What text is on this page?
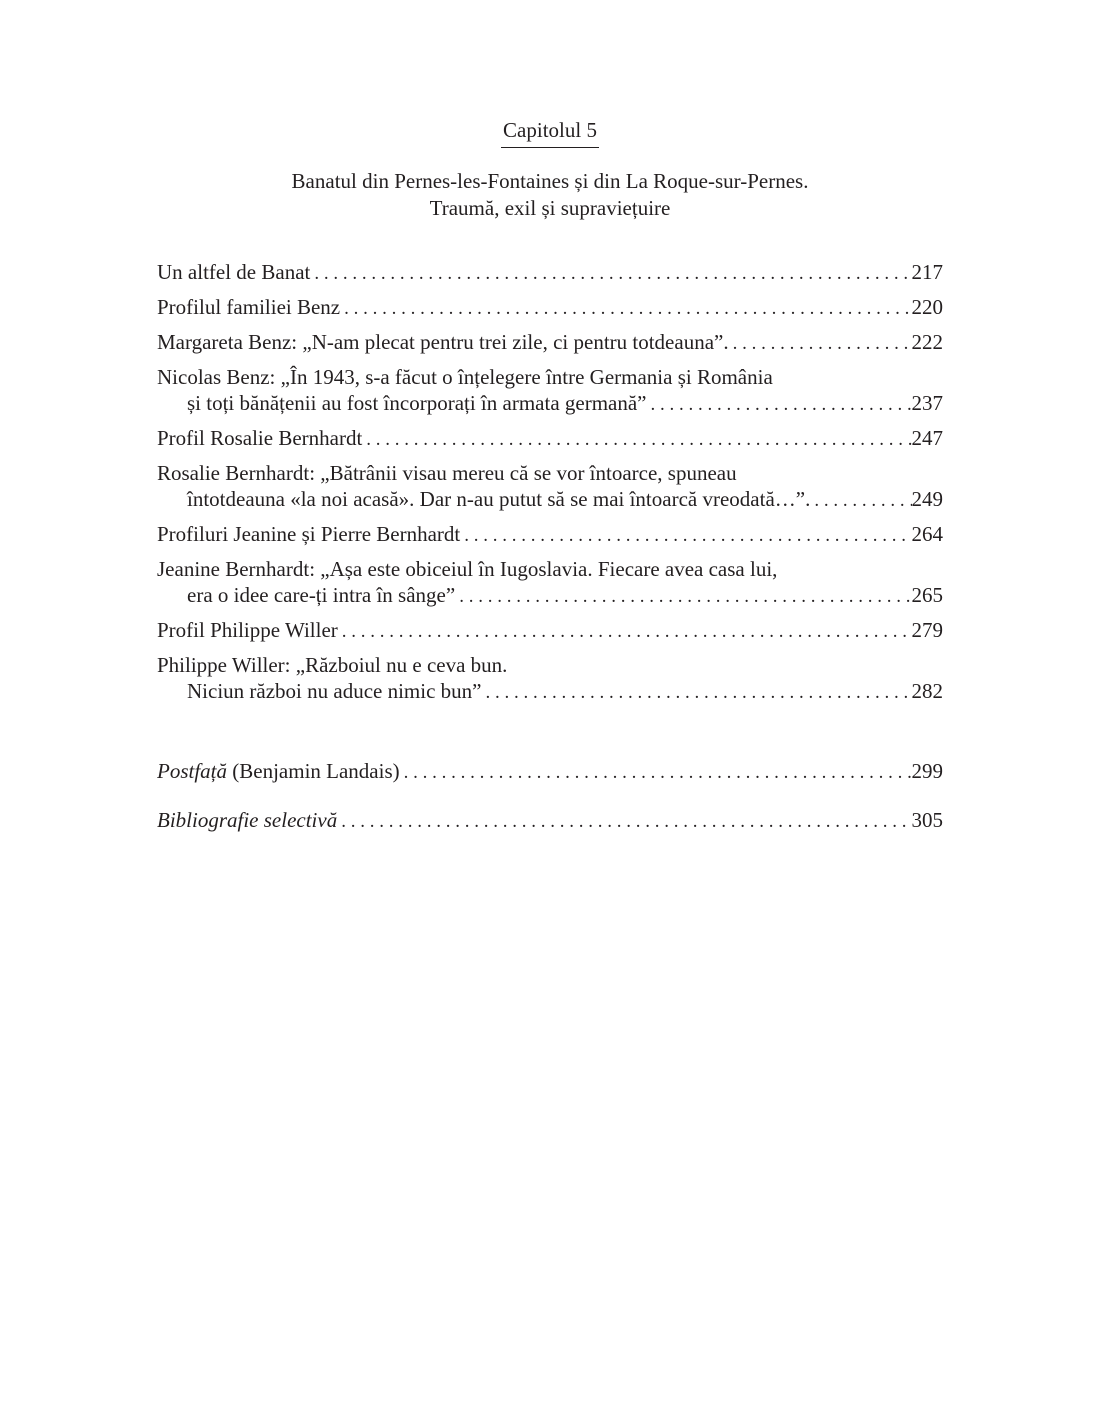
Capitolul 5
Banatul din Pernes-les-Fontaines și din La Roque-sur-Pernes.
Traumă, exil și supraviețuire
Un altfel de Banat . . .	217
Profilul familiei Benz . . .	220
Margareta Benz: „N-am plecat pentru trei zile, ci pentru totdeauna”. . . .	222
Nicolas Benz: „În 1943, s-a făcut o înțelegere între Germania și România
și toți bănățenii au fost încorporați în armata germană” . . .	237
Profil Rosalie Bernhardt . . .	247
Rosalie Bernhardt: „Bătrânii visau mereu că se vor întoarce, spuneau
întotdeauna «la noi acasă». Dar n-au putut să se mai întoarcă vreodată…”. . . .	249
Profiluri Jeanine și Pierre Bernhardt . . .	264
Jeanine Bernhardt: „Așa este obiceiul în Iugoslavia. Fiecare avea casa lui,
era o idee care-ți intra în sânge” . . .	265
Profil Philippe Willer . . .	279
Philippe Willer: „Războiul nu e ceva bun.
Niciun război nu aduce nimic bun” . . .	282
Postfață (Benjamin Landais) . . .	299
Bibliografie selectivă . . .	305
